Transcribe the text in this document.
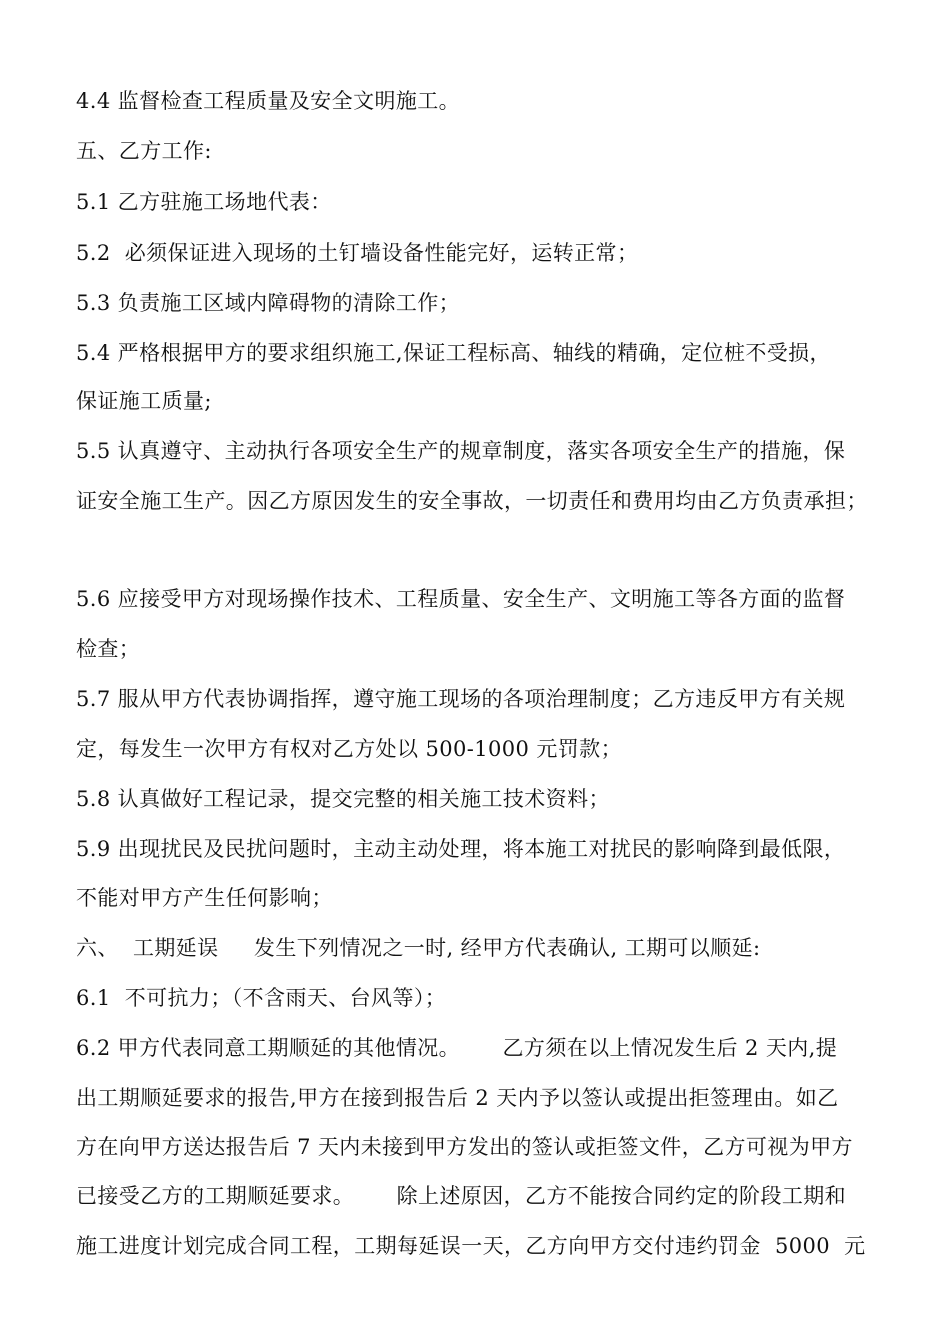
4.4 监督检查工程质量及安全文明施工。
五、乙方工作:
5.1 乙方驻施工场地代表：
5.2  必须保证进入现场的土钉墙设备性能完好，运转正常；
5.3 负责施工区域内障碍物的清除工作；
5.4 严格根据甲方的要求组织施工,保证工程标高、轴线的精确，定位桩不受损，
保证施工质量;
5.5 认真遵守、主动执行各项安全生产的规章制度，落实各项安全生产的措施，保
证安全施工生产。因乙方原因发生的安全事故，一切责任和费用均由乙方负责承担；
5.6 应接受甲方对现场操作技术、工程质量、安全生产、文明施工等各方面的监督
检查；
5.7 服从甲方代表协调指挥，遵守施工现场的各项治理制度；乙方违反甲方有关规
定，每发生一次甲方有权对乙方处以 500-1000 元罚款；
5.8 认真做好工程记录，提交完整的相关施工技术资料；
5.9 出现扰民及民扰问题时，主动主动处理，将本施工对扰民的影响降到最低限，
不能对甲方产生任何影响；
六、  工期延误     发生下列情况之一时, 经甲方代表确认, 工期可以顺延:
6.1  不可抗力；（不含雨天、台风等）；
6.2 甲方代表同意工期顺延的其他情况。      乙方须在以上情况发生后 2 天内,提
出工期顺延要求的报告,甲方在接到报告后 2 天内予以签认或提出拒签理由。如乙
方在向甲方送达报告后 7 天内未接到甲方发出的签认或拒签文件，乙方可视为甲方
已接受乙方的工期顺延要求。      除上述原因，乙方不能按合同约定的阶段工期和
施工进度计划完成合同工程，工期每延误一天，乙方向甲方交付违约罚金  5000  元
